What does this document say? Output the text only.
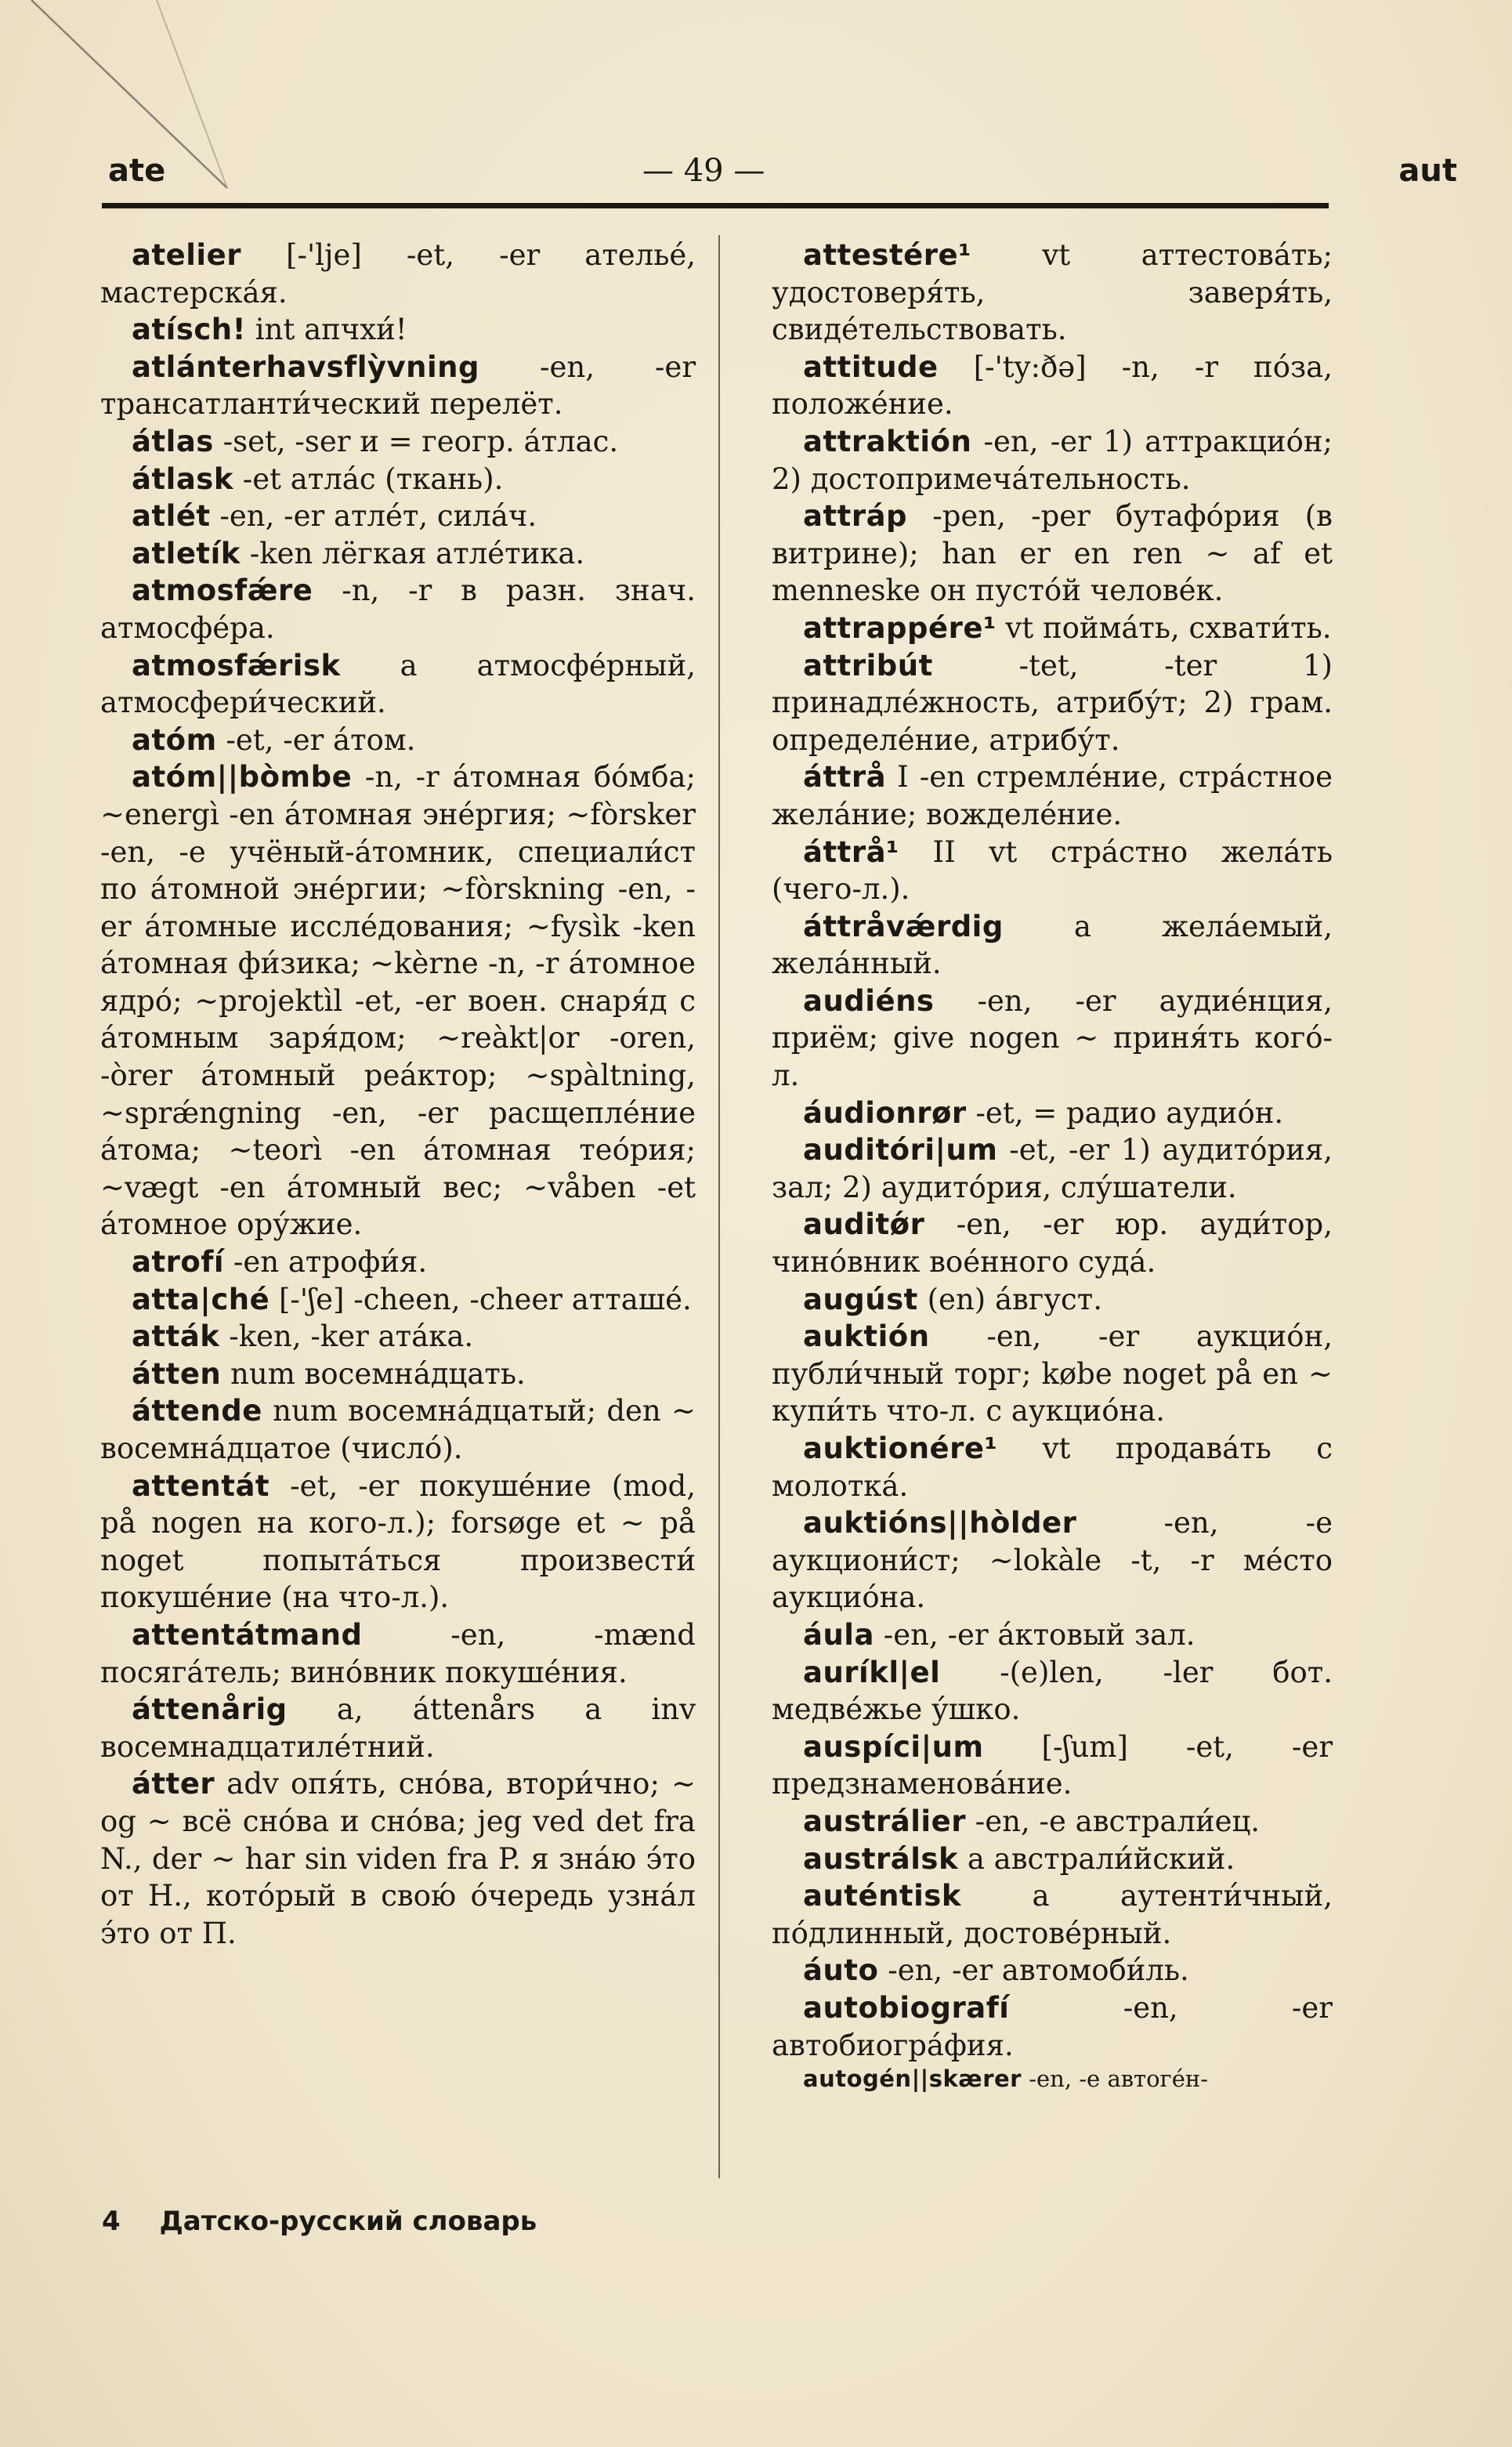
ate	— 49 —	aut

atelier [-'lje] -et, -er ателье́, мастерска́я.

atísch! int апчхи́!

atlánterhavsflỳvning -en, -er трансатланти́ческий перелёт.

átlas -set, -ser и = геогр. а́тлас.

átlask -et атла́с (ткань).

atlét -en, -er атле́т, сила́ч.

atletík -ken лёгкая атле́тика.

atmosfǽre -n, -r в разн. знач. атмосфе́ра.

atmosfǽrisk а атмосфе́рный, атмосфери́ческий.

atóm -et, -er а́том.

atóm||bòmbe -n, -r а́томная бо́мба; ~energì -en а́томная эне́ргия; ~fòrsker -en, -e учёный-а́томник, специали́ст по а́томной эне́ргии; ~fòrskning -en, -er а́томные иссле́дования; ~fysìk -ken а́томная фи́зика; ~kèrne -n, -r а́томное ядро́; ~projektìl -et, -er воен. снаря́д с а́томным заря́дом; ~reàkt|or -oren, -òrer а́томный реа́ктор; ~spàltning, ~sprǽngning -en, -er расщепле́ние а́тома; ~teorì -en а́томная тео́рия; ~vægt -en а́томный вес; ~våben -et а́томное ору́жие.

atrofí -en атрофи́я.

atta|ché [-'ʃe] -cheen, -cheer атташе́.

atták -ken, -ker ата́ка.

átten num восемна́дцать.

áttende num восемна́дцатый; den ~ восемна́дцатое (число́).

attentát -et, -er покуше́ние (mod, på nogen на кого-л.); forsøge et ~ på noget попыта́ться произвести́ покуше́ние (на что-л.).

attentátmand	-en, -mænd посяга́тель; вино́вник покуше́ния.

áttenårig а, áttenårs а inv восемнадцатиле́тний.

átter adv опя́ть, сно́ва, втори́чно; ~ og ~ всё сно́ва и сно́ва; jeg ved det fra N., der ~ har sin viden fra P. я зна́ю э́то от Н., кото́рый в свою́ о́чередь узна́л э́то от П.

attestére¹ vt аттестова́ть; удостоверя́ть, заверя́ть, свиде́тельствовать.

attitude [-'ty:ðə] -n, -r по́за, положе́ние.

attraktión -en, -er 1) аттракцио́н; 2) достопримеча́тельность.

attráp -pen, -per бутафо́рия (в витрине); han er en ren ~ af et menneske он пусто́й челове́к.

attrappére¹ vt пойма́ть, схвати́ть.

attribút	-tet, -ter 1) принадле́жность, атрибу́т; 2) грам. определе́ние, атрибу́т.

áttrå I -en стремле́ние, стра́стное жела́ние; вожделе́ние.

áttrå¹ II vt стра́стно жела́ть (чего-л.).

áttråvǽrdig а жела́емый, жела́нный.

audiéns -en, -er аудие́нция, приём; give nogen ~ приня́ть кого́-л.

áudionrør -et, = радио аудио́н.

auditóri|um -et, -er 1) аудито́рия, зал; 2) аудито́рия, слу́шатели.

auditǿr -en, -er юр. ауди́тор, чино́вник вое́нного суда́.

augúst (en) а́вгуст.

auktión -en, -er аукцио́н, публи́чный торг; købe noget på en ~ купи́ть что-л. с аукцио́на.

auktionére¹ vt продава́ть с молотка́.

auktións||hòlder	-en, -e аукциони́ст; ~lokàle -t, -r ме́сто аукцио́на.

áula -en, -er а́ктовый зал.

auríkl|el -(e)len, -ler бот. медве́жье у́шко.

auspíci|um [-ʃum] -et, -er предзнаменова́ние.

austrálier -en, -e австрали́ец.

austrálsk а австрали́йский.

auténtisk а аутенти́чный, по́длинный, достове́рный.

áuto -en, -er автомоби́ль.

autobiografí	-en, -er автобиогра́фия.

autogén||skærer -en, -e автоге́н-

4 Датско-русский словарь
